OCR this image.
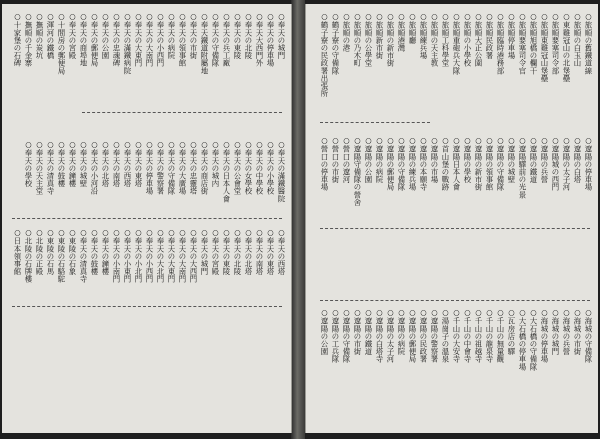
○旅順の舊鐵道線
○旅順の白玉山
○東雞冠山の北堡壘
○旅順要塞司令部
○旅順東雞冠山堡壘
○旅順旭橋の欄干
○旅順要塞司令官
○旅順停車場
○旅順臨時港務部
○旅順民政署
○旅順大正公園
○旅順の小學校
○旅順重砲兵大隊
○旅順工科學堂
○旅順の天主教
○旅順練兵場
○旅順廳
○旅順港灣
○旅順の新市街
○旅順新市街
○旅順の公學堂
○旅順の乃木町
○旅順の港
○鶴子寮の守備隊
○鶴子寮の民政署出張所
○遼陽の停車場
○遼陽の白塔
○遼陽の太子河
○遼陽城の西門
○遼陽の兵營
○遼陽の鐵道
○遼陽驛前の光景
○遼陽の城壁
○遼陽の守備隊
○遼陽の領事館
○遼陽の新市街
○遼陽の學校
○遼陽日本人會
○首山堡の戰跡
○遼陽の市場
○遼陽の本願寺
○遼陽の練兵場
○遼陽の守備隊
○遼陽の郵便局
○遼陽の病院
○遼陽の公園
○遼陽守備隊の營舍
○營口の遼河
○營口の市街
○營口の停車場
○海城の守備隊
○海城の市街
○海城の兵營
○海城の城門
○海城の停車場
○大石橋の守備隊
○大石橋の停車場
○瓦房店の驛
○千山の無量觀
○千山の龍泉寺
○千山の祖越寺
○千山の中會寺
○千山の大安寺
○湯崗子の溫泉
○遼陽の警察署
○遼陽の民政署
○遼陽の郵便局
○遼陽の病院
○遼陽の太子河
○遼陽の白塔寺
○遼陽の鐵道
○遼陽の市街
○遼陽の守備隊
○遼陽の工兵隊
○遼陽の公園
○奉天の城門
○奉天の停車場
○奉天大西門外
○奉天の北陵
○奉天の東陵
○奉天の兵工廠
○奉天の守備隊
○奉天鐵道附屬地
○奉天の市街
○奉天の領事館
○奉天の病院
○奉天の小西門
○奉天の大南門
○奉天の大東門
○奉天の滿鐵病院
○奉天の忠魂碑
○奉天の公園
○奉天の郵便局
○奉天の商埠地
○奉天の宮殿
○十間房の郵便局
○渾河の鐵橋
○撫順の炭坑
○撫順の千金寨
○十家堡の石碑
○奉天の滿鐵醫院
○奉天の小學校
○奉天の中學校
○奉天の女學校
○奉天の公會堂
○奉天の日本人會
○奉天の城内
○奉天の商店街
○奉天の忠靈塔
○奉天の大廣場
○奉天の守備隊
○奉天の警察署
○奉天の停車場
○奉天の東塔
○奉天の西塔
○奉天の南塔
○奉天の北塔
○奉天の小河沿
○奉天の城壁
○奉天の鐘樓
○奉天の鼓樓
○奉天の清真寺
○奉天の天主堂
○奉天の學校
○奉天の西塔
○奉天の東塔
○奉天の南塔
○奉天の北塔
○奉天の北陵
○奉天の東陵
○奉天の宮殿
○奉天の城門
○奉天の大西門
○奉天の大南門
○奉天の大東門
○奉天の大北門
○奉天の小西門
○奉天の小北門
○奉天の小東門
○奉天の小南門
○奉天の鐘樓
○奉天の鼓樓
○奉天の清真寺
○東陵の石象
○東陵の石駱駝
○東陵の石馬
○北陵の正殿
○北陵の石牌樓
○日本領事館
